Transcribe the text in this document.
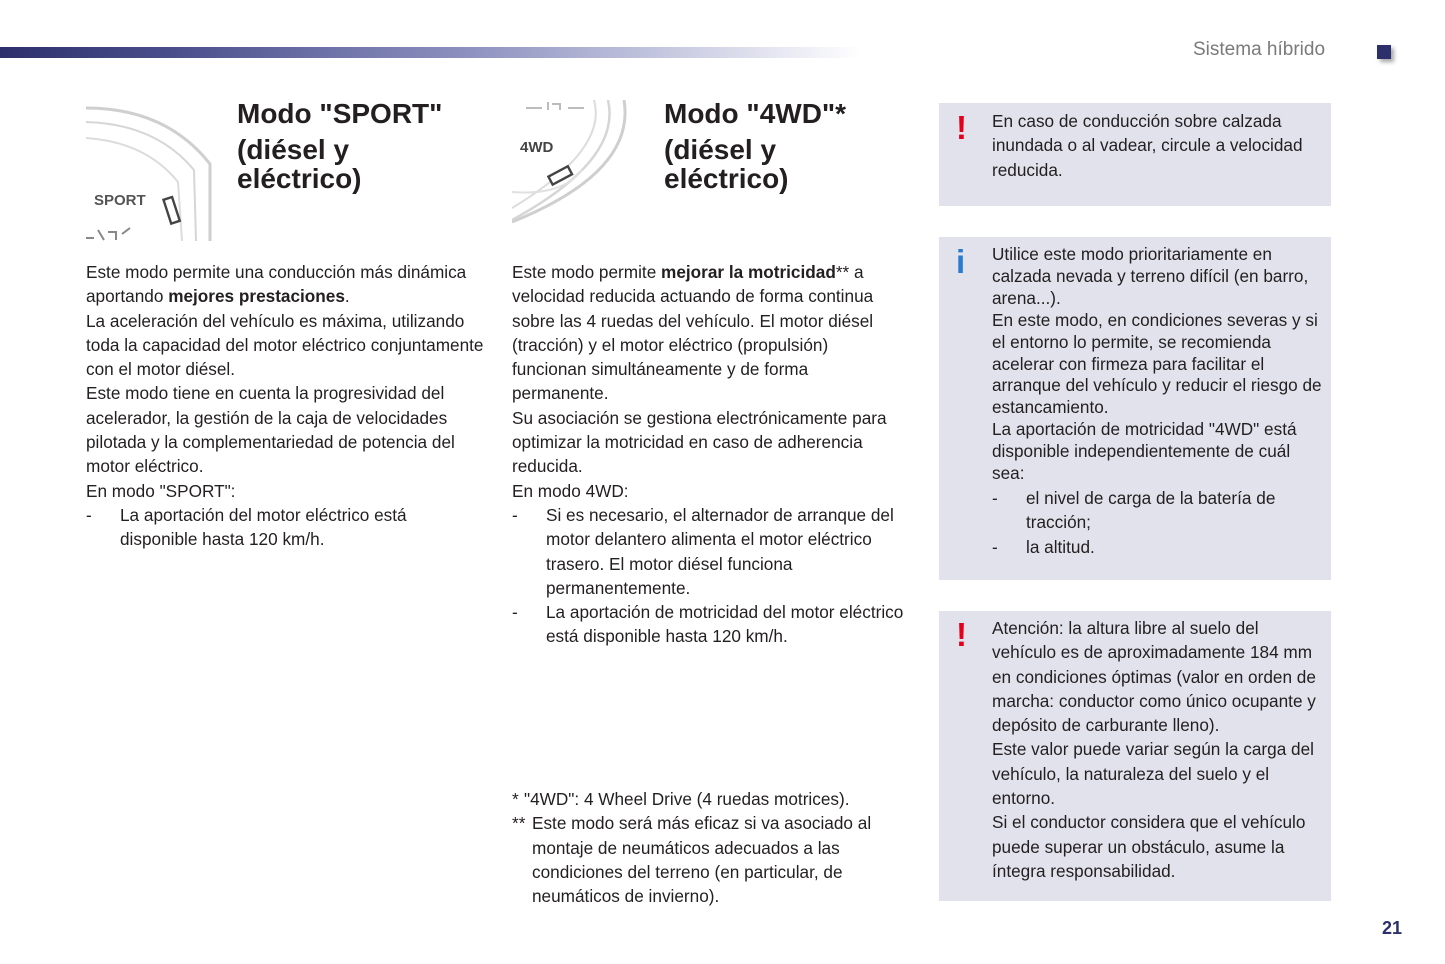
Sistema híbrido
SPORT
Modo "SPORT"
(diésel y
eléctrico)

Este modo permite una conducción más dinámica aportando mejores prestaciones.

La aceleración del vehículo es máxima, utilizando toda la capacidad del motor eléctrico conjuntamente con el motor diésel.

Este modo tiene en cuenta la progresividad del acelerador, la gestión de la caja de velocidades pilotada y la complementariedad de potencia del motor eléctrico.

En modo "SPORT":

-	La aportación del motor eléctrico está disponible hasta 120 km/h.
4WD
Modo "4WD"*
(diésel y
eléctrico)

Este modo permite mejorar la motricidad** a velocidad reducida actuando de forma continua sobre las 4 ruedas del vehículo. El motor diésel (tracción) y el motor eléctrico (propulsión) funcionan simultáneamente y de forma permanente.

Su asociación se gestiona electrónicamente para optimizar la motricidad en caso de adherencia reducida.

En modo 4WD:

-	Si es necesario, el alternador de arranque del motor delantero alimenta el motor eléctrico trasero. El motor diésel funciona permanentemente.
-	La aportación de motricidad del motor eléctrico está disponible hasta 120 km/h.
* "4WD": 4 Wheel Drive (4 ruedas motrices).
** Este modo será más eficaz si va asociado al montaje de neumáticos adecuados a las condiciones del terreno (en particular, de neumáticos de invierno).
! En caso de conducción sobre calzada inundada o al vadear, circule a velocidad reducida.
i Utilice este modo prioritariamente en calzada nevada y terreno difícil (en barro, arena...).

En este modo, en condiciones severas y si el entorno lo permite, se recomienda acelerar con firmeza para facilitar el arranque del vehículo y reducir el riesgo de estancamiento.

La aportación de motricidad "4WD" está disponible independientemente de cuál sea:

-	el nivel de carga de la batería de tracción;
-	la altitud.
! Atención: la altura libre al suelo del vehículo es de aproximadamente 184 mm en condiciones óptimas (valor en orden de marcha: conductor como único ocupante y depósito de carburante lleno).

Este valor puede variar según la carga del vehículo, la naturaleza del suelo y el entorno.

Si el conductor considera que el vehículo puede superar un obstáculo, asume la íntegra responsabilidad.

21
